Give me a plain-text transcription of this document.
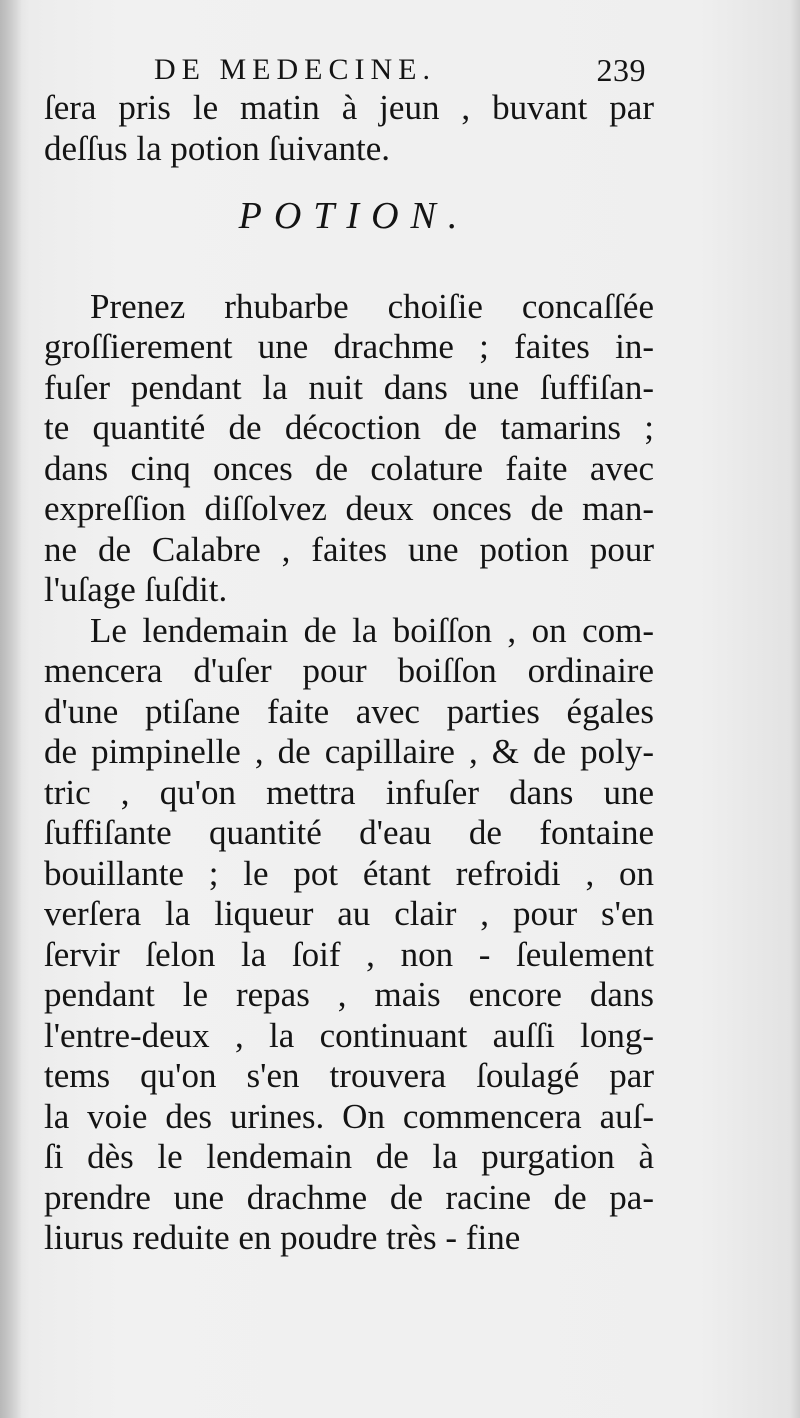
DE MEDECINE.	239
ſera pris le matin à jeun , buvant par
deſſus la potion ſuivante.
POTION.
Prenez rhubarbe choiſie concaſſée
groſſierement une drachme ; faites in-
fuſer pendant la nuit dans une ſuffiſan-
te quantité de décoction de tamarins ;
dans cinq onces de colature faite avec
expreſſion diſſolvez deux onces de man-
ne de Calabre , faites une potion pour
l'uſage ſuſdit.
Le lendemain de la boiſſon , on com-
mencera d'uſer pour boiſſon ordinaire
d'une ptiſane faite avec parties égales
de pimpinelle , de capillaire , & de poly-
tric , qu'on mettra infuſer dans une
ſuffiſante quantité d'eau de fontaine
bouillante ; le pot étant refroidi , on
verſera la liqueur au clair , pour s'en
ſervir ſelon la ſoif , non - ſeulement
pendant le repas , mais encore dans
l'entre-deux , la continuant auſſi long-
tems qu'on s'en trouvera ſoulagé par
la voie des urines. On commencera auſ-
ſi dès le lendemain de la purgation à
prendre une drachme de racine de pa-
liurus reduite en poudre très - fine
